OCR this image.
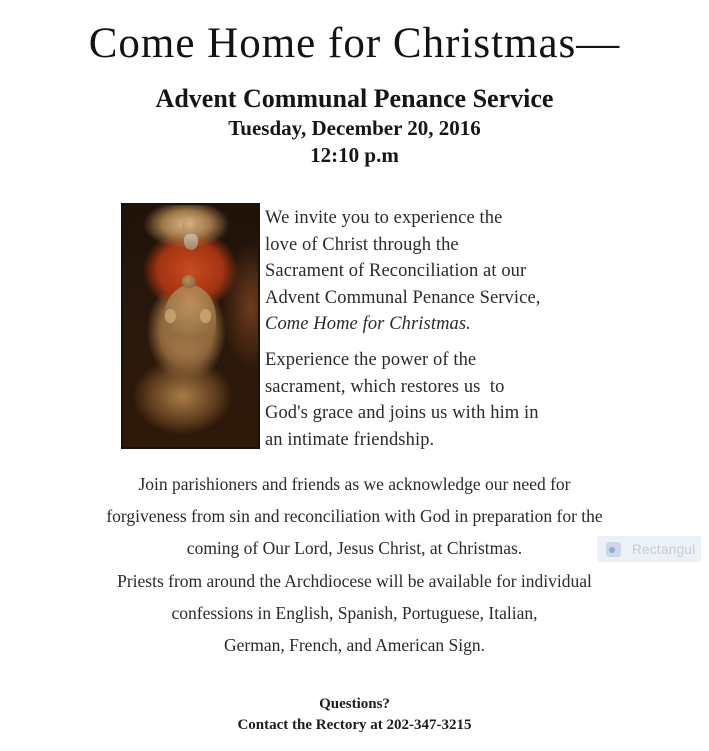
Come Home for Christmas—
Advent Communal Penance Service
Tuesday, December 20, 2016
12:10 p.m
We invite you to experience the
love of Christ through the
Sacrament of Reconciliation at our
Advent Communal Penance Service,
Come Home for Christmas.
Experience the power of the
sacrament, which restores us  to
God's grace and joins us with him in
an intimate friendship.
Join parishioners and friends as we acknowledge our need for
forgiveness from sin and reconciliation with God in preparation for the
coming of Our Lord, Jesus Christ, at Christmas.
Priests from around the Archdiocese will be available for individual
confessions in English, Spanish, Portuguese, Italian,
German, French, and American Sign.
Questions?
Contact the Rectory at 202-347-3215
Rectangul
